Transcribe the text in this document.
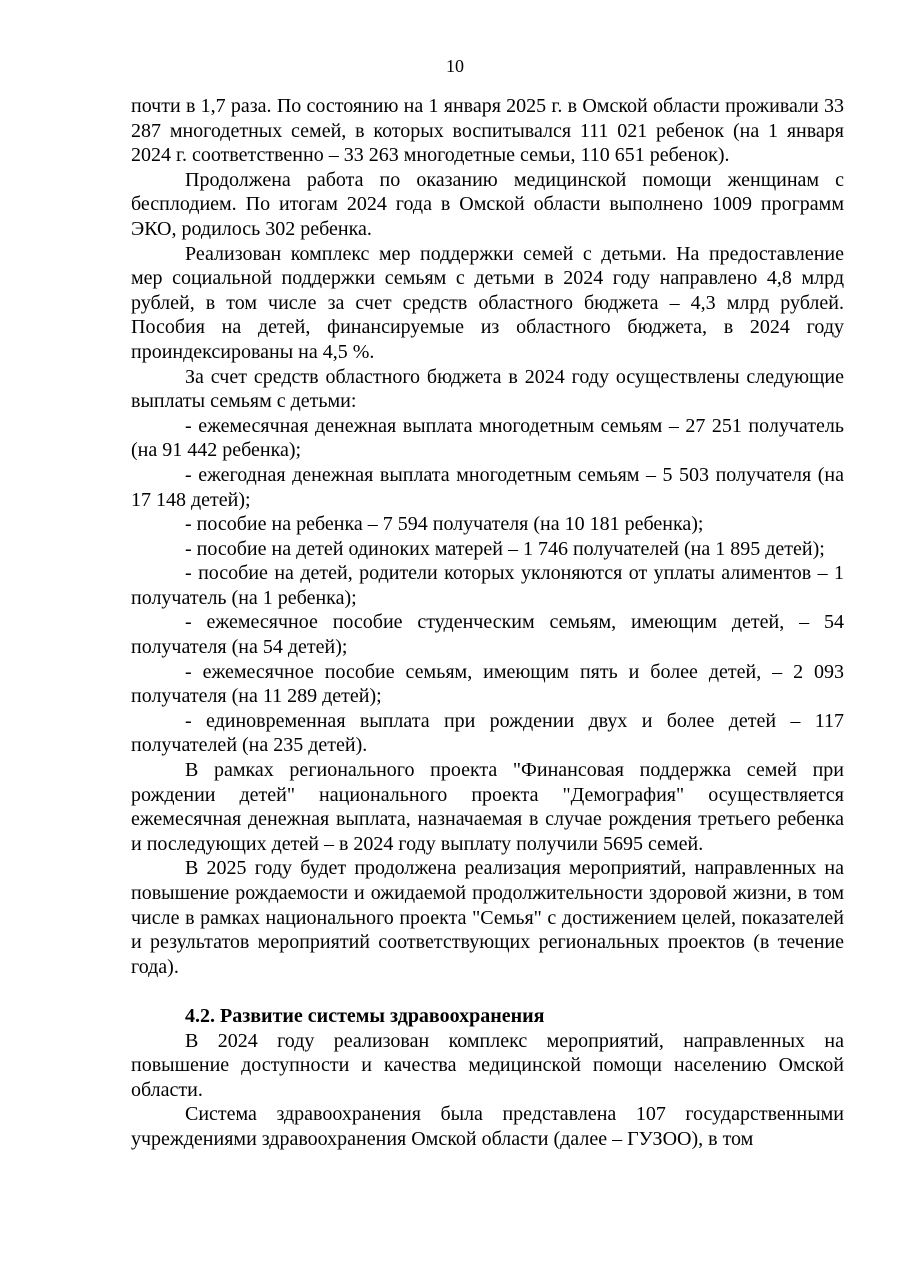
10

почти в 1,7 раза. По состоянию на 1 января 2025 г. в Омской области проживали 33 287 многодетных семей, в которых воспитывался 111 021 ребенок (на 1 января 2024 г. соответственно – 33 263 многодетные семьи, 110 651 ребенок).

Продолжена работа по оказанию медицинской помощи женщинам с бесплодием. По итогам 2024 года в Омской области выполнено 1009 программ ЭКО, родилось 302 ребенка.

Реализован комплекс мер поддержки семей с детьми. На предоставление мер социальной поддержки семьям с детьми в 2024 году направлено 4,8 млрд рублей, в том числе за счет средств областного бюджета – 4,3 млрд рублей. Пособия на детей, финансируемые из областного бюджета, в 2024 году проиндексированы на 4,5 %.

За счет средств областного бюджета в 2024 году осуществлены следующие выплаты семьям с детьми:

- ежемесячная денежная выплата многодетным семьям – 27 251 получатель (на 91 442 ребенка);

- ежегодная денежная выплата многодетным семьям – 5 503 получателя (на 17 148 детей);

- пособие на ребенка – 7 594 получателя (на 10 181 ребенка);

- пособие на детей одиноких матерей – 1 746 получателей (на 1 895 детей);

- пособие на детей, родители которых уклоняются от уплаты алиментов – 1 получатель (на 1 ребенка);

- ежемесячное пособие студенческим семьям, имеющим детей, – 54 получателя (на 54 детей);

- ежемесячное пособие семьям, имеющим пять и более детей, – 2 093 получателя (на 11 289 детей);

- единовременная выплата при рождении двух и более детей – 117 получателей (на 235 детей).

В рамках регионального проекта "Финансовая поддержка семей при рождении детей" национального проекта "Демография" осуществляется ежемесячная денежная выплата, назначаемая в случае рождения третьего ребенка и последующих детей – в 2024 году выплату получили 5695 семей.

В 2025 году будет продолжена реализация мероприятий, направленных на повышение рождаемости и ожидаемой продолжительности здоровой жизни, в том числе в рамках национального проекта "Семья" с достижением целей, показателей и результатов мероприятий соответствующих региональных проектов (в течение года).

4.2. Развитие системы здравоохранения

В 2024 году реализован комплекс мероприятий, направленных на повышение доступности и качества медицинской помощи населению Омской области.

Система здравоохранения была представлена 107 государственными учреждениями здравоохранения Омской области (далее – ГУЗОО), в том
